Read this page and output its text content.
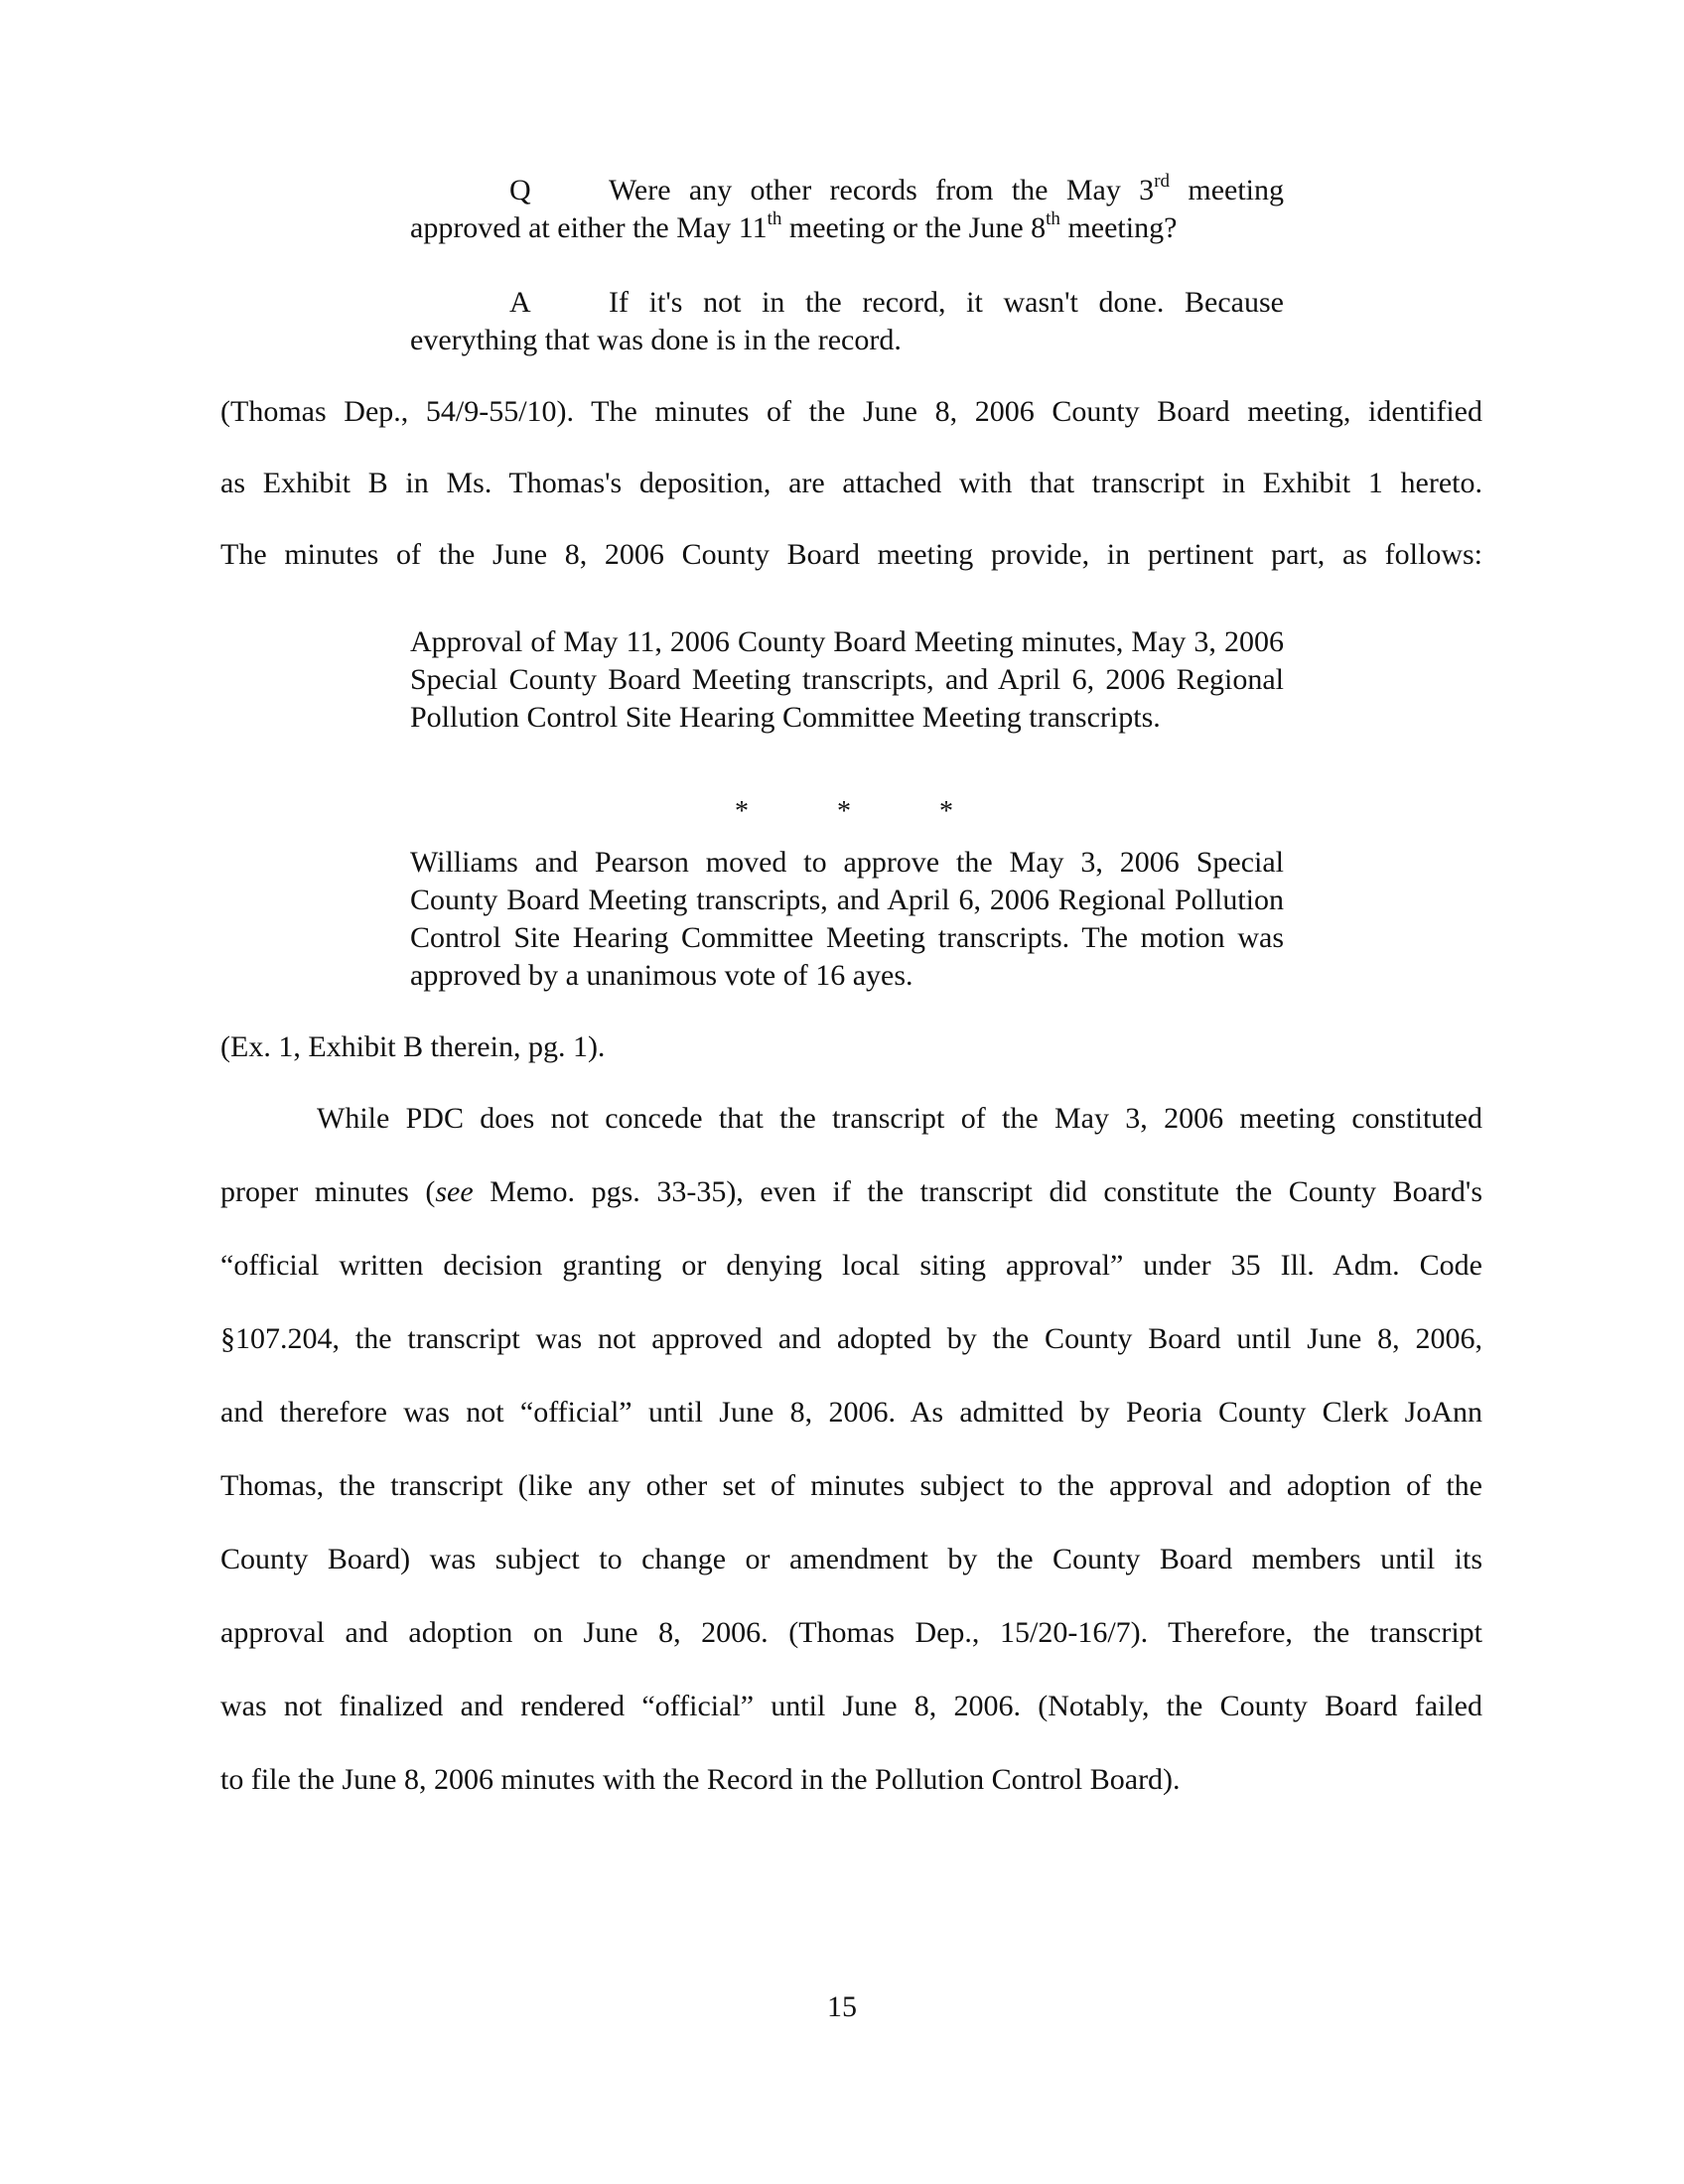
Q	Were any other records from the May 3rd meeting approved at either the May 11th meeting or the June 8th meeting?
A	If it's not in the record, it wasn't done. Because everything that was done is in the record.
(Thomas Dep., 54/9-55/10). The minutes of the June 8, 2006 County Board meeting, identified
as Exhibit B in Ms. Thomas's deposition, are attached with that transcript in Exhibit 1 hereto.
The minutes of the June 8, 2006 County Board meeting provide, in pertinent part, as follows:
Approval of May 11, 2006 County Board Meeting minutes, May 3, 2006 Special County Board Meeting transcripts, and April 6, 2006 Regional Pollution Control Site Hearing Committee Meeting transcripts.
*	*	*
Williams and Pearson moved to approve the May 3, 2006 Special County Board Meeting transcripts, and April 6, 2006 Regional Pollution Control Site Hearing Committee Meeting transcripts. The motion was approved by a unanimous vote of 16 ayes.
(Ex. 1, Exhibit B therein, pg. 1).
While PDC does not concede that the transcript of the May 3, 2006 meeting constituted
proper minutes (see Memo. pgs. 33-35), even if the transcript did constitute the County Board's
“official written decision granting or denying local siting approval” under 35 Ill. Adm. Code
§107.204, the transcript was not approved and adopted by the County Board until June 8, 2006,
and therefore was not “official” until June 8, 2006. As admitted by Peoria County Clerk JoAnn
Thomas, the transcript (like any other set of minutes subject to the approval and adoption of the
County Board) was subject to change or amendment by the County Board members until its
approval and adoption on June 8, 2006. (Thomas Dep., 15/20-16/7). Therefore, the transcript
was not finalized and rendered “official” until June 8, 2006. (Notably, the County Board failed
to file the June 8, 2006 minutes with the Record in the Pollution Control Board).
15
